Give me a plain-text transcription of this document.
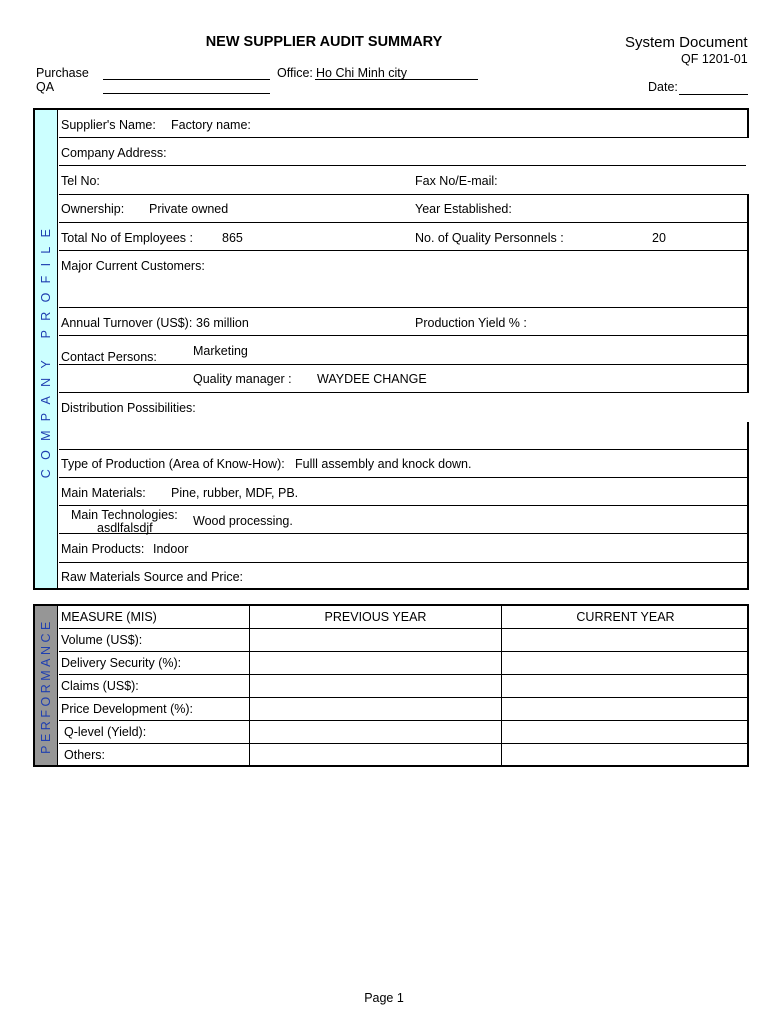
NEW SUPPLIER AUDIT SUMMARY	System Document
QF 1201-01
Purchase
QA
Office: Ho Chi Minh city
Date:
COMPANY PROFILE
Supplier's Name: Factory name:
Company Address:
Tel No:	Fax No/E-mail:
Ownership: Private owned	Year Established:
Total No of Employees : 865	No. of Quality Personnels :	20
Major Current Customers:
Annual Turnover (US$): 36 million	Production Yield % :
Contact Persons:	Marketing
Quality manager : WAYDEE CHANGE
Distribution Possibilities:
Type of Production (Area of Know-How): Fulll assembly and knock down.
Main Materials: Pine, rubber, MDF, PB.
Main Technologies:
asdlfalsdjf	Wood processing.
Main Products: Indoor
Raw Materials Source and Price:
PERFORMANCE
MEASURE (MIS)	PREVIOUS YEAR	CURRENT YEAR
Volume (US$):
Delivery Security (%):
Claims (US$):
Price Development (%):
Q-level (Yield):
Others:
Page 1
